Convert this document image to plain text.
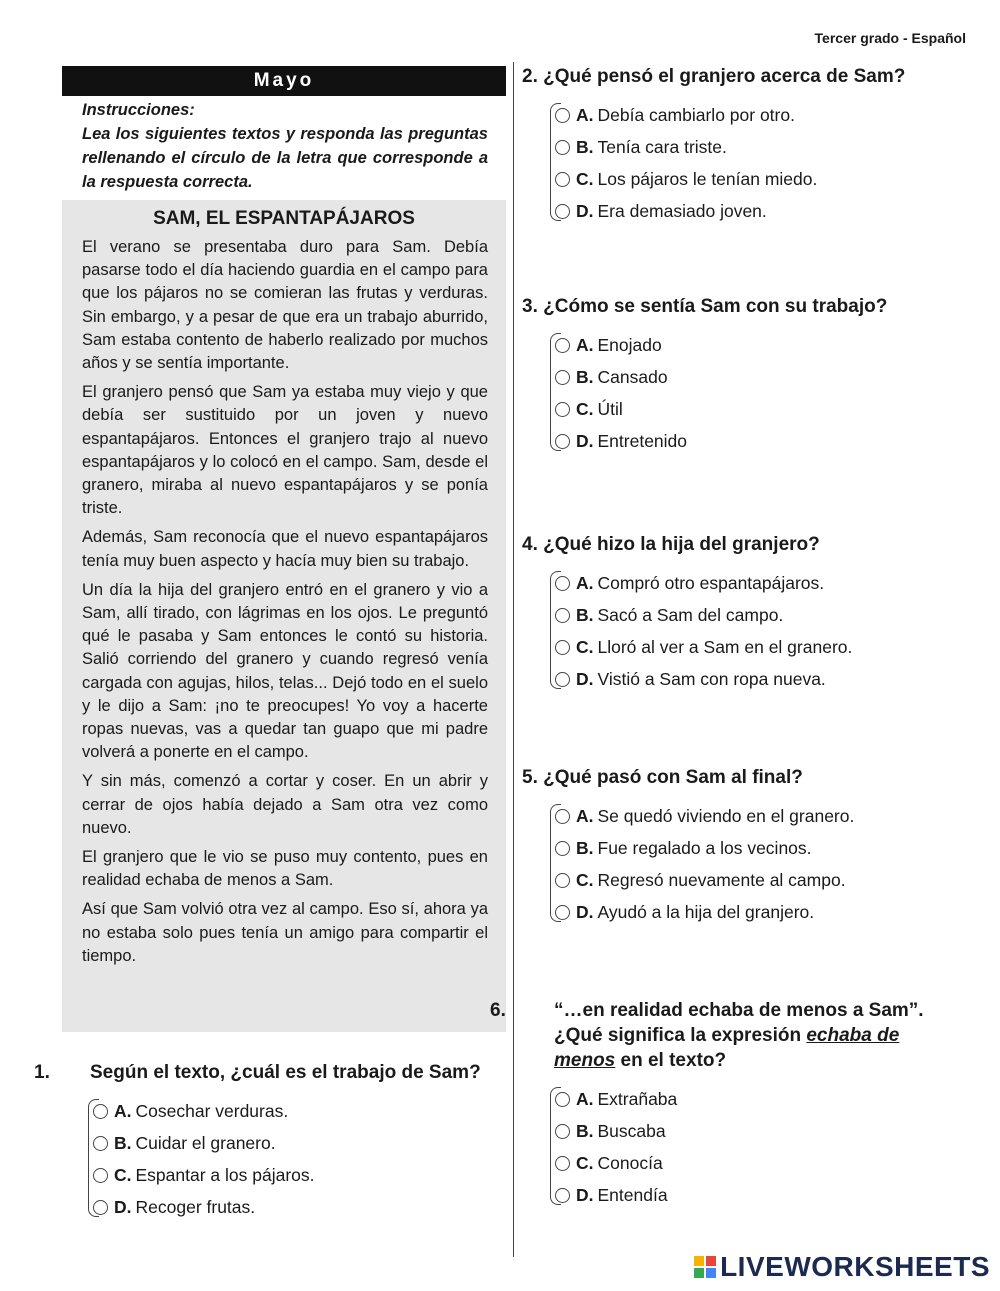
Tercer grado - Español
Mayo
Instrucciones:
Lea los siguientes textos y responda las preguntas rellenando el círculo de la letra que corresponde a la respuesta correcta.
SAM, EL ESPANTAPÁJAROS

El verano se presentaba duro para Sam. Debía pasarse todo el día haciendo guardia en el campo para que los pájaros no se comieran las frutas y verduras. Sin embargo, y a pesar de que era un trabajo aburrido, Sam estaba contento de haberlo realizado por muchos años y se sentía importante.

El granjero pensó que Sam ya estaba muy viejo y que debía ser sustituido por un joven y nuevo espantapájaros. Entonces el granjero trajo al nuevo espantapájaros y lo colocó en el campo. Sam, desde el granero, miraba al nuevo espantapájaros y se ponía triste.

Además, Sam reconocía que el nuevo espantapájaros tenía muy buen aspecto y hacía muy bien su trabajo.

Un día la hija del granjero entró en el granero y vio a Sam, allí tirado, con lágrimas en los ojos. Le preguntó qué le pasaba y Sam entonces le contó su historia. Salió corriendo del granero y cuando regresó venía cargada con agujas, hilos, telas... Dejó todo en el suelo y le dijo a Sam: ¡no te preocupes! Yo voy a hacerte ropas nuevas, vas a quedar tan guapo que mi padre volverá a ponerte en el campo.

Y sin más, comenzó a cortar y coser. En un abrir y cerrar de ojos había dejado a Sam otra vez como nuevo.

El granjero que le vio se puso muy contento, pues en realidad echaba de menos a Sam.

Así que Sam volvió otra vez al campo. Eso sí, ahora ya no estaba solo pues tenía un amigo para compartir el tiempo.

1. Según el texto, ¿cuál es el trabajo de Sam?
A. Cosechar verduras.
B. Cuidar el granero.
C. Espantar a los pájaros.
D. Recoger frutas.
2. ¿Qué pensó el granjero acerca de Sam?
A. Debía cambiarlo por otro.
B. Tenía cara triste.
C. Los pájaros le tenían miedo.
D. Era demasiado joven.
3. ¿Cómo se sentía Sam con su trabajo?
A. Enojado
B. Cansado
C. Útil
D. Entretenido
4. ¿Qué hizo la hija del granjero?
A. Compró otro espantapájaros.
B. Sacó a Sam del campo.
C. Lloró al ver a Sam en el granero.
D. Vistió a Sam con ropa nueva.
5. ¿Qué pasó con Sam al final?
A. Se quedó viviendo en el granero.
B. Fue regalado a los vecinos.
C. Regresó nuevamente al campo.
D. Ayudó a la hija del granjero.
6.	“…en realidad echaba de menos a Sam”.
¿Qué significa la expresión echaba de menos en el texto?
A. Extrañaba
B. Buscaba
C. Conocía
D. Entendía
LIVEWORKSHEETS
